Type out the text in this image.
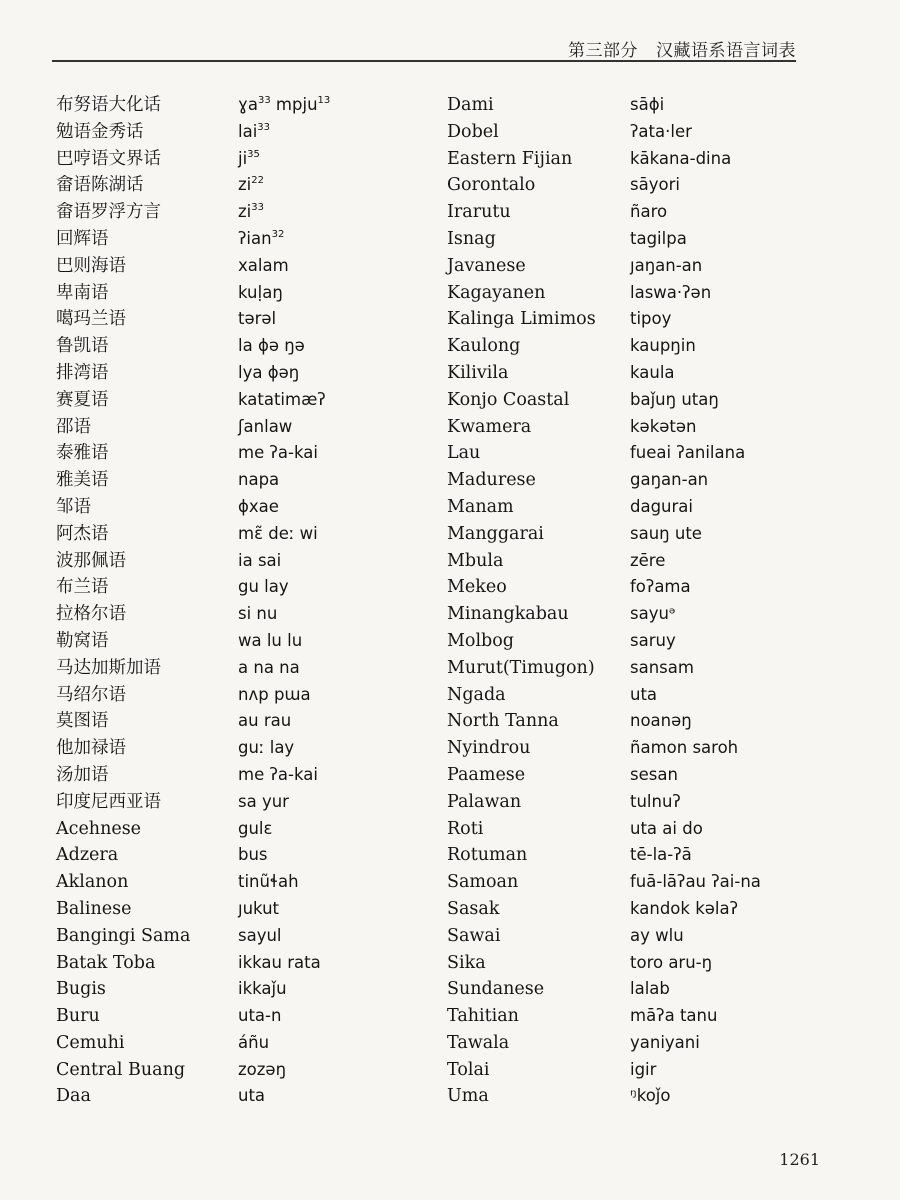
第三部分 汉藏语系语言词表
布努语大化话
勉语金秀话
巴哼语文界话
畲语陈湖话
畲语罗浮方言
回辉语
巴则海语
卑南语
噶玛兰语
鲁凯语
排湾语
赛夏语
邵语
泰雅语
雅美语
邹语
阿杰语
波那佩语
布兰语
拉格尔语
勒窝语
马达加斯加语
马绍尔语
莫图语
他加禄语
汤加语
印度尼西亚语
Acehnese
Adzera
Aklanon
Balinese
Bangingi Sama
Batak Toba
Bugis
Buru
Cemuhi
Central Buang
Daa
ɣa$^{33}$ mpju$^{13}$
lai$^{33}$
$ji^{35}$
$zi^{22}$
$zi^{33}$
ʔian$^{32}$
xalam
kuḷaŋ
tərəl
la ɸə ŋə
lya ɸəŋ
katatimæʔ
ʃanlaw
me ʔa-kai
napa
ɸxae
mɛ̃ deː wi
ia sai
gu lay
si nu
wa lu lu
a na na
nʌp pɯa
au rau
guː lay
me ʔa-kai
sa yur
gulɛ
bus
tinũɬah
ȷukut
sayul
ikkau rata
ikkaǰu
uta-n
áñu
zozəŋ
uta
Dami
Dobel
Eastern Fijian
Gorontalo
Irarutu
Isnag
Javanese
Kagayanen
Kalinga Limimos
Kaulong
Kilivila
Konjo Coastal
Kwamera
Lau
Madurese
Manam
Manggarai
Mbula
Mekeo
Minangkabau
Molbog
Murut(Timugon)
Ngada
North Tanna
Nyindrou
Paamese
Palawan
Roti
Rotuman
Samoan
Sasak
Sawai
Sika
Sundanese
Tahitian
Tawala
Tolai
Uma
sāɸi
ʔata·ler
kākana-dina
sāyori
ñaro
tagilpa
ȷaŋan-an
laswa·ʔən
tipoy
kaupŋin
kaula
baǰuŋ utaŋ
kəkətən
fueai ʔanilana
gaŋan-an
dagurai
sauŋ ute
zēre
foʔama
sayuᵊ
saruy
sansam
uta
noanəŋ
ñamon saroh
sesan
tulnuʔ
uta ai do
tē-la-ʔā
fuā-lāʔau ʔai-na
kandok kəlaʔ
ay wlu
toro aru-ŋ
lalab
māʔa tanu
yaniyani
igir
ᵑkoǰo
1261
